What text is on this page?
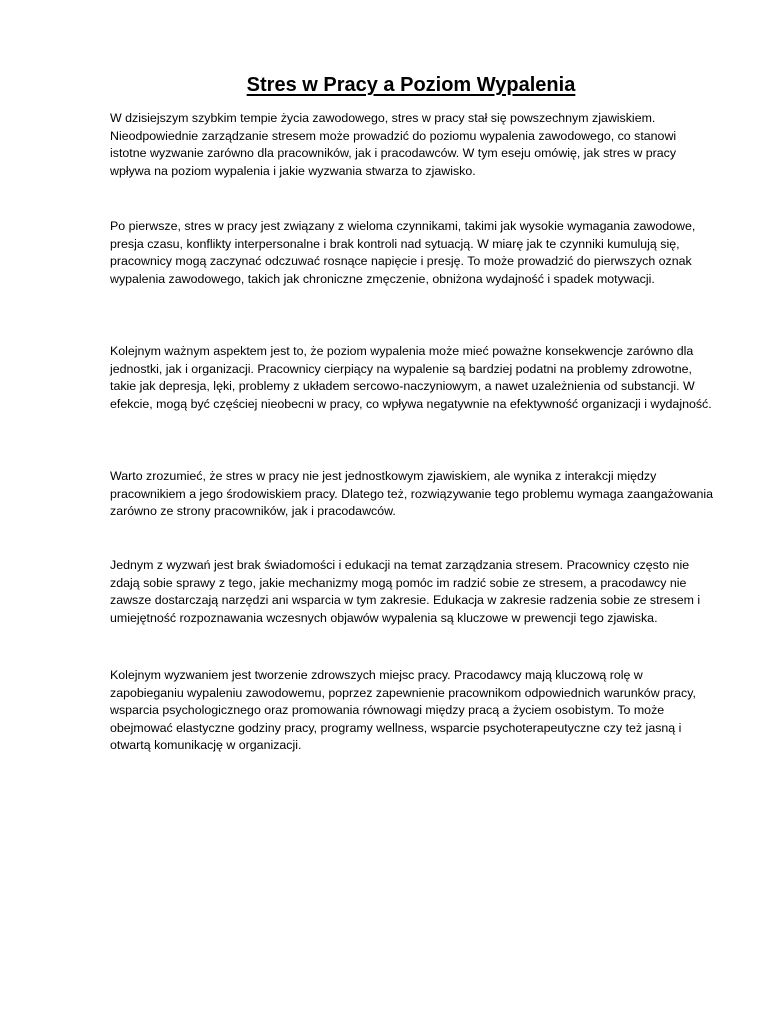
Stres w Pracy a Poziom Wypalenia

W dzisiejszym szybkim tempie życia zawodowego, stres w pracy stał się powszechnym zjawiskiem. Nieodpowiednie zarządzanie stresem może prowadzić do poziomu wypalenia zawodowego, co stanowi istotne wyzwanie zarówno dla pracowników, jak i pracodawców. W tym eseju omówię, jak stres w pracy wpływa na poziom wypalenia i jakie wyzwania stwarza to zjawisko.

Po pierwsze, stres w pracy jest związany z wieloma czynnikami, takimi jak wysokie wymagania zawodowe, presja czasu, konflikty interpersonalne i brak kontroli nad sytuacją. W miarę jak te czynniki kumulują się, pracownicy mogą zaczynać odczuwać rosnące napięcie i presję. To może prowadzić do pierwszych oznak wypalenia zawodowego, takich jak chroniczne zmęczenie, obniżona wydajność i spadek motywacji.

Kolejnym ważnym aspektem jest to, że poziom wypalenia może mieć poważne konsekwencje zarówno dla jednostki, jak i organizacji. Pracownicy cierpiący na wypalenie są bardziej podatni na problemy zdrowotne, takie jak depresja, lęki, problemy z układem sercowo-naczyniowym, a nawet uzależnienia od substancji. W efekcie, mogą być częściej nieobecni w pracy, co wpływa negatywnie na efektywność organizacji i wydajność.

Warto zrozumieć, że stres w pracy nie jest jednostkowym zjawiskiem, ale wynika z interakcji między pracownikiem a jego środowiskiem pracy. Dlatego też, rozwiązywanie tego problemu wymaga zaangażowania zarówno ze strony pracowników, jak i pracodawców.

Jednym z wyzwań jest brak świadomości i edukacji na temat zarządzania stresem. Pracownicy często nie zdają sobie sprawy z tego, jakie mechanizmy mogą pomóc im radzić sobie ze stresem, a pracodawcy nie zawsze dostarczają narzędzi ani wsparcia w tym zakresie. Edukacja w zakresie radzenia sobie ze stresem i umiejętność rozpoznawania wczesnych objawów wypalenia są kluczowe w prewencji tego zjawiska.

Kolejnym wyzwaniem jest tworzenie zdrowszych miejsc pracy. Pracodawcy mają kluczową rolę w zapobieganiu wypaleniu zawodowemu, poprzez zapewnienie pracownikom odpowiednich warunków pracy, wsparcia psychologicznego oraz promowania równowagi między pracą a życiem osobistym. To może obejmować elastyczne godziny pracy, programy wellness, wsparcie psychoterapeutyczne czy też jasną i otwartą komunikację w organizacji.
